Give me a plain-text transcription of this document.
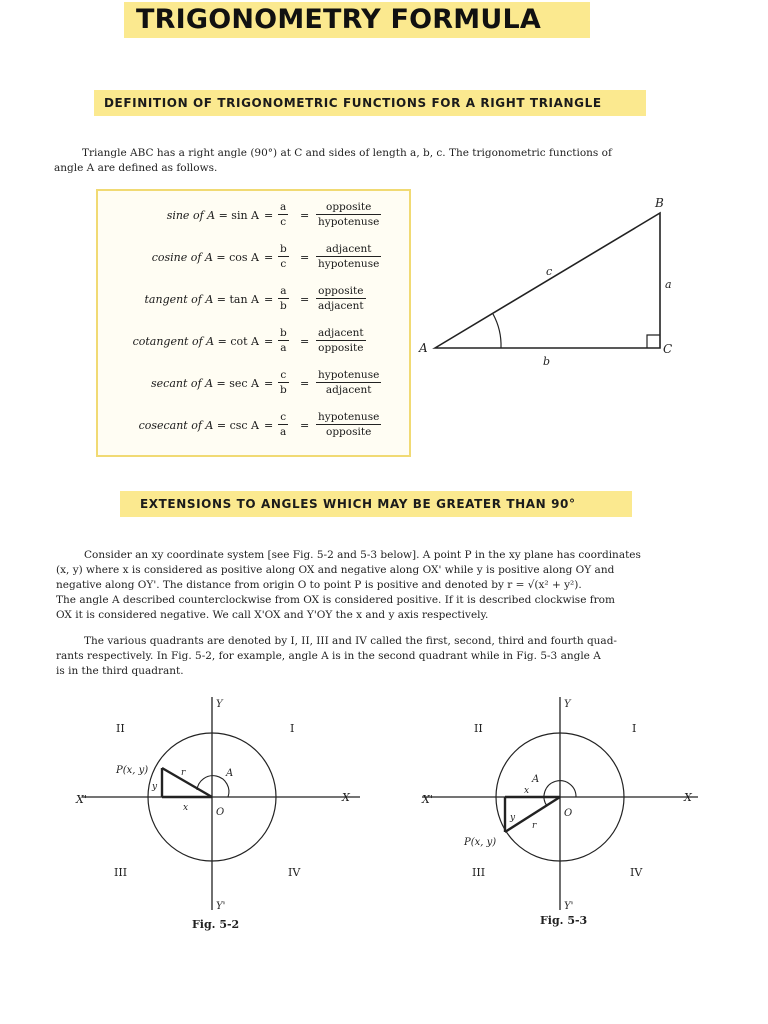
TRIGONOMETRY FORMULA
DEFINITION OF TRIGONOMETRIC FUNCTIONS FOR A RIGHT TRIANGLE
Triangle ABC has a right angle (90°) at C and sides of length a, b, c. The trigonometric functions of
angle A are defined as follows.
sine of $A = \sin A = \frac{a}{c}$ =
opposite
hypotenuse
cosine of $A = \cos A = \frac{b}{c}$ =
adjacent
hypotenuse
tangent of $A = \tan A = \frac{a}{b}$ =
opposite
adjacent
cotangent of $A = \cot A = \frac{b}{a}$ =
adjacent
opposite
secant of $A = \sec A = \frac{c}{b}$ =
hypotenuse
adjacent
cosecant of $A = \csc A = \frac{c}{a}$ =
hypotenuse
opposite
A
B
C
a
b
c
EXTENSIONS TO ANGLES WHICH MAY BE GREATER THAN 90°
Consider an xy coordinate system [see Fig. 5-2 and 5-3 below]. A point P in the xy plane has coordinates
(x, y) where x is considered as positive along OX and negative along OX' while y is positive along OY and
negative along OY'. The distance from origin O to point P is positive and denoted by r = √(x² + y²).
The angle A described counterclockwise from OX is considered positive. If it is described clockwise from
OX it is considered negative. We call X'OX and Y'OY the x and y axis respectively.
The various quadrants are denoted by I, II, III and IV called the first, second, third and fourth quad-
rants respectively. In Fig. 5-2, for example, angle A is in the second quadrant while in Fig. 5-3 angle A
is in the third quadrant.
Y
Y'
X
X'
O
I
II
III	IV
P(x, y)	r
y
x
A
Fig. 5-2
Y
Y'
X
X'
O
I
II
III	IV
P(x, y)
r
y
x
A
Fig. 5-3
